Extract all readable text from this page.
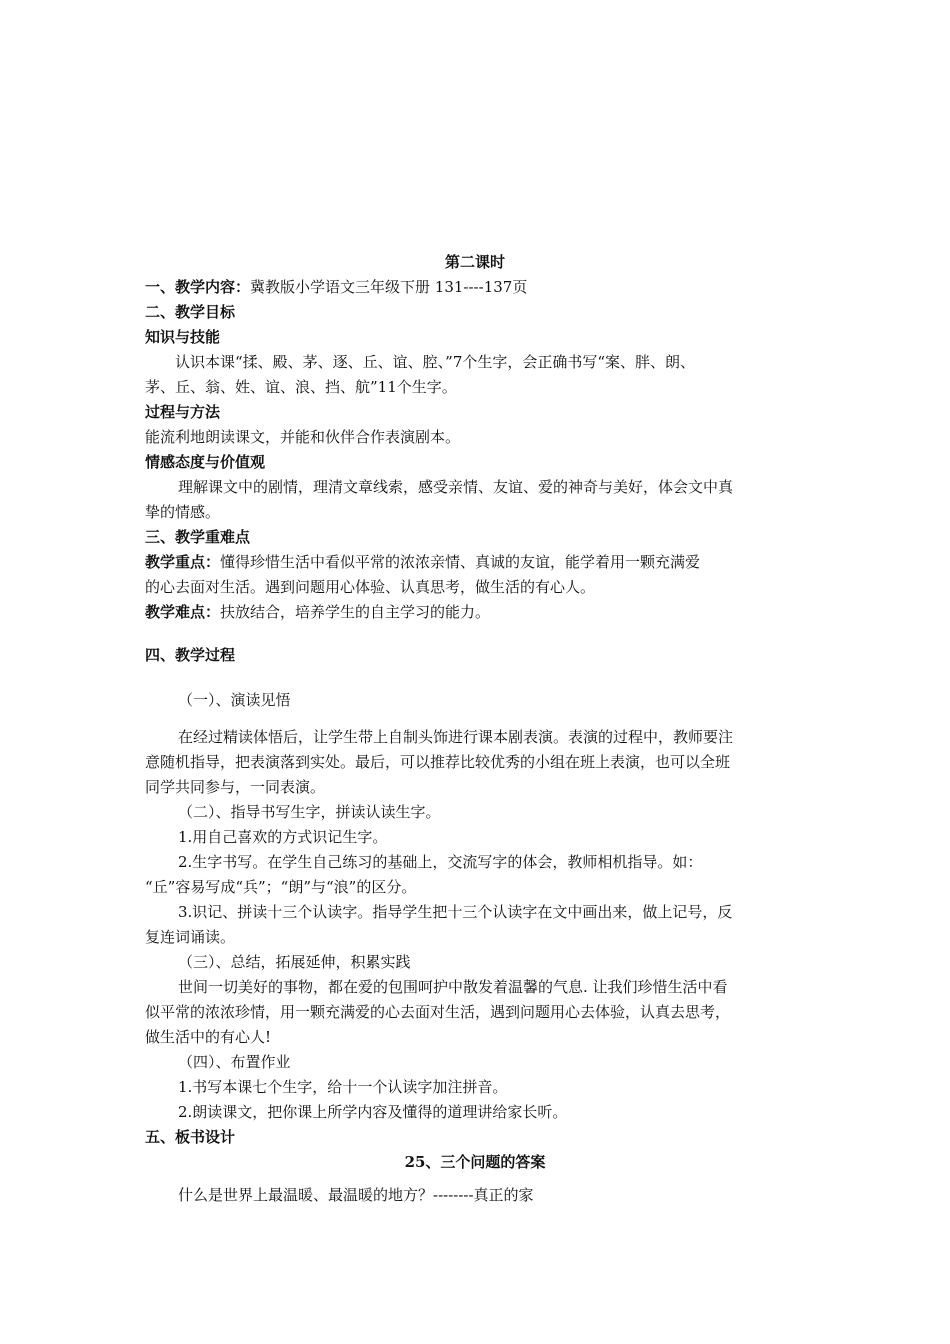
第二课时
一、教学内容：冀教版小学语文三年级下册 131----137页
二、教学目标
知识与技能
认识本课“揉、殿、茅、逐、丘、谊、腔、”7个生字，会正确书写“案、胖、朗、
茅、丘、翁、姓、谊、浪、挡、航”11个生字。
过程与方法
能流利地朗读课文，并能和伙伴合作表演剧本。
情感态度与价值观
理解课文中的剧情，理清文章线索，感受亲情、友谊、爱的神奇与美好，体会文中真
挚的情感。
三、教学重难点
教学重点：懂得珍惜生活中看似平常的浓浓亲情、真诚的友谊，能学着用一颗充满爱
的心去面对生活。遇到问题用心体验、认真思考，做生活的有心人。
教学难点：扶放结合，培养学生的自主学习的能力。
四、教学过程
（一）、演读见悟
在经过精读体悟后，让学生带上自制头饰进行课本剧表演。表演的过程中，教师要注
意随机指导，把表演落到实处。最后，可以推荐比较优秀的小组在班上表演，也可以全班
同学共同参与，一同表演。
（二）、指导书写生字，拼读认读生字。
1.用自己喜欢的方式识记生字。
2.生字书写。在学生自己练习的基础上，交流写字的体会，教师相机指导。如：
“丘”容易写成“兵”；“朗”与“浪”的区分。
3.识记、拼读十三个认读字。指导学生把十三个认读字在文中画出来，做上记号，反
复连词诵读。
（三）、总结，拓展延伸，积累实践
世间一切美好的事物，都在爱的包围呵护中散发着温馨的气息. 让我们珍惜生活中看
似平常的浓浓珍情，用一颗充满爱的心去面对生活，遇到问题用心去体验，认真去思考，
做生活中的有心人!
（四）、布置作业
1.书写本课七个生字，给十一个认读字加注拼音。
2.朗读课文，把你课上所学内容及懂得的道理讲给家长听。
五、板书设计
25、三个问题的答案
什么是世界上最温暖、最温暖的地方？--------真正的家
